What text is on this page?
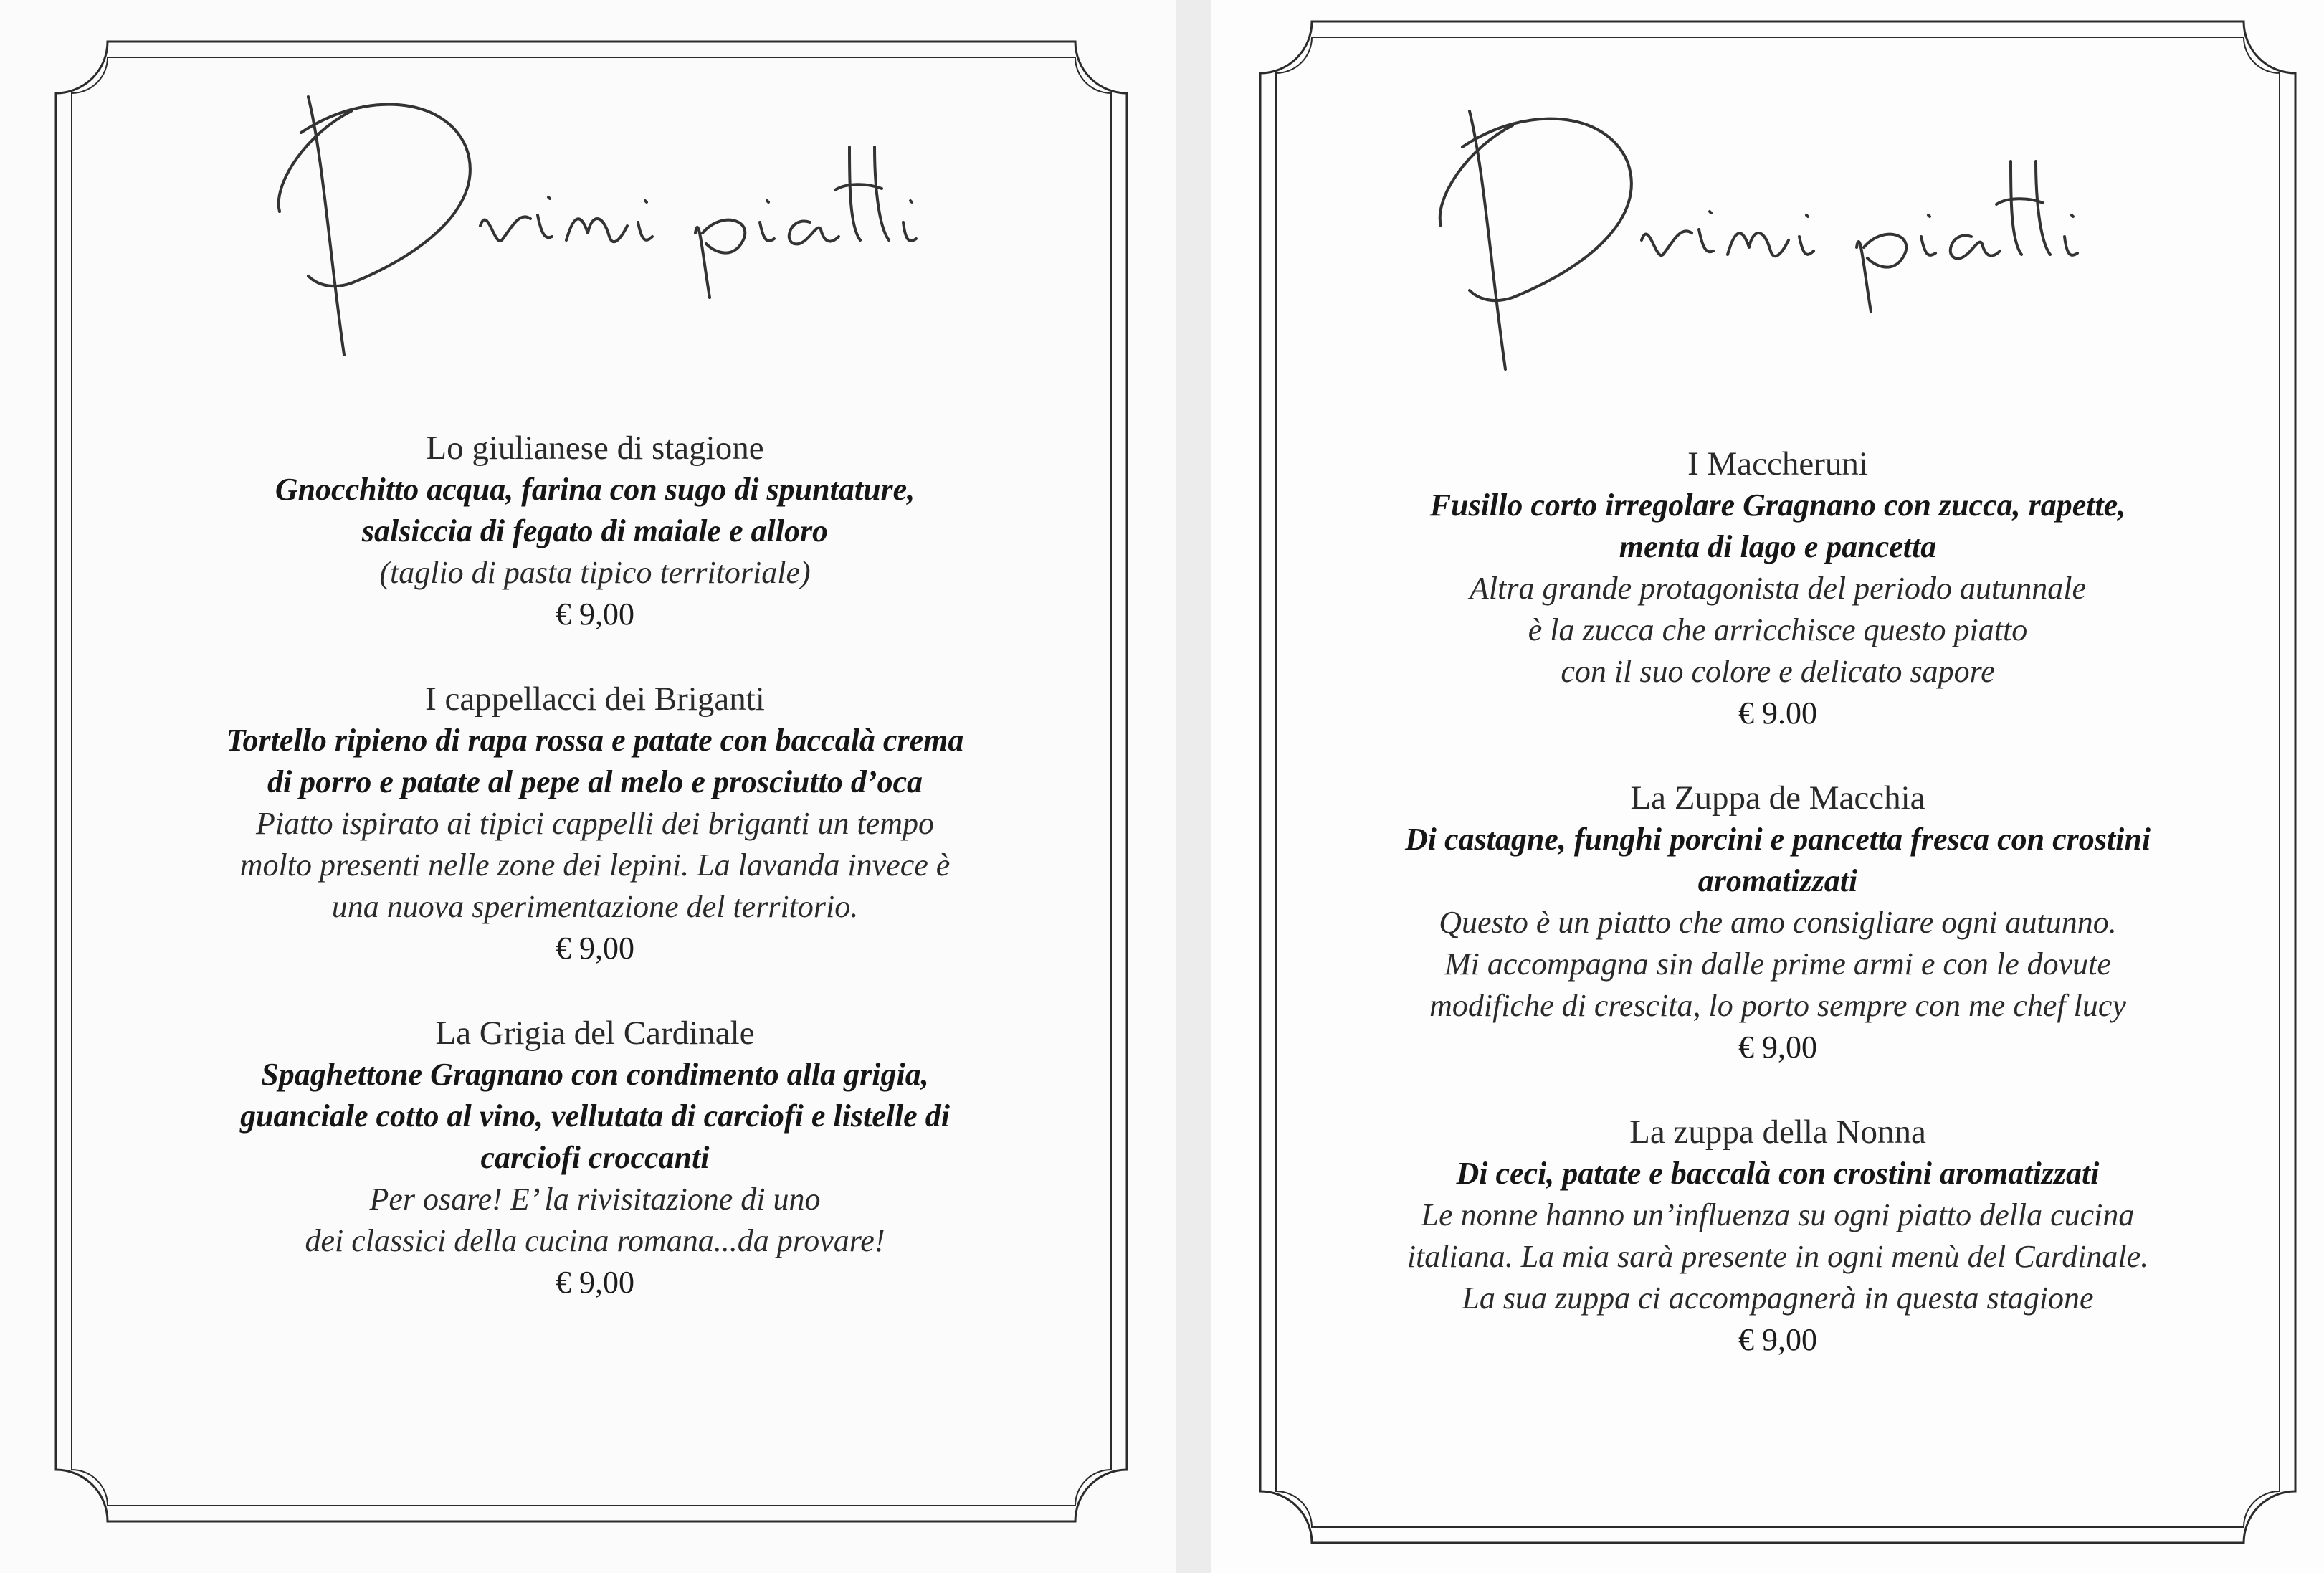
Lo giulianese di stagione
Gnocchitto acqua, farina con sugo di spuntature,
salsiccia di fegato di maiale e alloro
(taglio di pasta tipico territoriale)
€ 9,00
I cappellacci dei Briganti
Tortello ripieno di rapa rossa e patate con baccalà crema
di porro e patate al pepe al melo e prosciutto d’oca
Piatto ispirato ai tipici cappelli dei briganti un tempo
molto presenti nelle zone dei lepini. La lavanda invece è
una nuova sperimentazione del territorio.
€ 9,00
La Grigia del Cardinale
Spaghettone Gragnano con condimento alla grigia,
guanciale cotto al vino, vellutata di carciofi e listelle di
carciofi croccanti
Per osare! E’ la rivisitazione di uno
dei classici della cucina romana...da provare!
€ 9,00
I Maccheruni
Fusillo corto irregolare Gragnano con zucca, rapette,
menta di lago e pancetta
Altra grande protagonista del periodo autunnale
è la zucca che arricchisce questo piatto
con il suo colore e delicato sapore
€ 9.00
La Zuppa de Macchia
Di castagne, funghi porcini e pancetta fresca con crostini
aromatizzati
Questo è un piatto che amo consigliare ogni autunno.
Mi accompagna sin dalle prime armi e con le dovute
modifiche di crescita, lo porto sempre con me chef lucy
€ 9,00
La zuppa della Nonna
Di ceci, patate e baccalà con crostini aromatizzati
Le nonne hanno un’influenza su ogni piatto della cucina
italiana. La mia sarà presente in ogni menù del Cardinale.
La sua zuppa ci accompagnerà in questa stagione
€ 9,00
